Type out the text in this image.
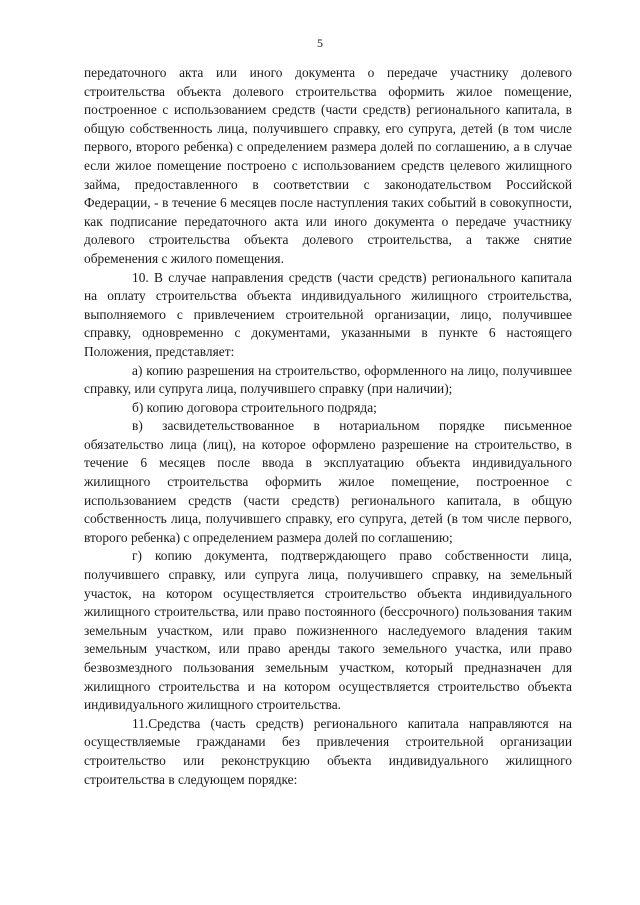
5

передаточного акта или иного документа о передаче участнику долевого строительства объекта долевого строительства оформить жилое помещение, построенное с использованием средств (части средств) регионального капитала, в общую собственность лица, получившего справку, его супруга, детей (в том числе первого, второго ребенка) с определением размера долей по соглашению, а в случае если жилое помещение построено с использованием средств целевого жилищного займа, предоставленного в соответствии с законодательством Российской Федерации, - в течение 6 месяцев после наступления таких событий в совокупности, как подписание передаточного акта или иного документа о передаче участнику долевого строительства объекта долевого строительства, а также снятие обременения с жилого помещения.

10. В случае направления средств (части средств) регионального капитала на оплату строительства объекта индивидуального жилищного строительства, выполняемого с привлечением строительной организации, лицо, получившее справку, одновременно с документами, указанными в пункте 6 настоящего Положения, представляет:

а) копию разрешения на строительство, оформленного на лицо, получившее справку, или супруга лица, получившего справку (при наличии);

б) копию договора строительного подряда;

в) засвидетельствованное в нотариальном порядке письменное обязательство лица (лиц), на которое оформлено разрешение на строительство, в течение 6 месяцев после ввода в эксплуатацию объекта индивидуального жилищного строительства оформить жилое помещение, построенное с использованием средств (части средств) регионального капитала, в общую собственность лица, получившего справку, его супруга, детей (в том числе первого, второго ребенка) с определением размера долей по соглашению;

г) копию документа, подтверждающего право собственности лица, получившего справку, или супруга лица, получившего справку, на земельный участок, на котором осуществляется строительство объекта индивидуального жилищного строительства, или право постоянного (бессрочного) пользования таким земельным участком, или право пожизненного наследуемого владения таким земельным участком, или право аренды такого земельного участка, или право безвозмездного пользования земельным участком, который предназначен для жилищного строительства и на котором осуществляется строительство объекта индивидуального жилищного строительства.

11.Средства (часть средств) регионального капитала направляются на осуществляемые гражданами без привлечения строительной организации строительство или реконструкцию объекта индивидуального жилищного строительства в следующем порядке:
